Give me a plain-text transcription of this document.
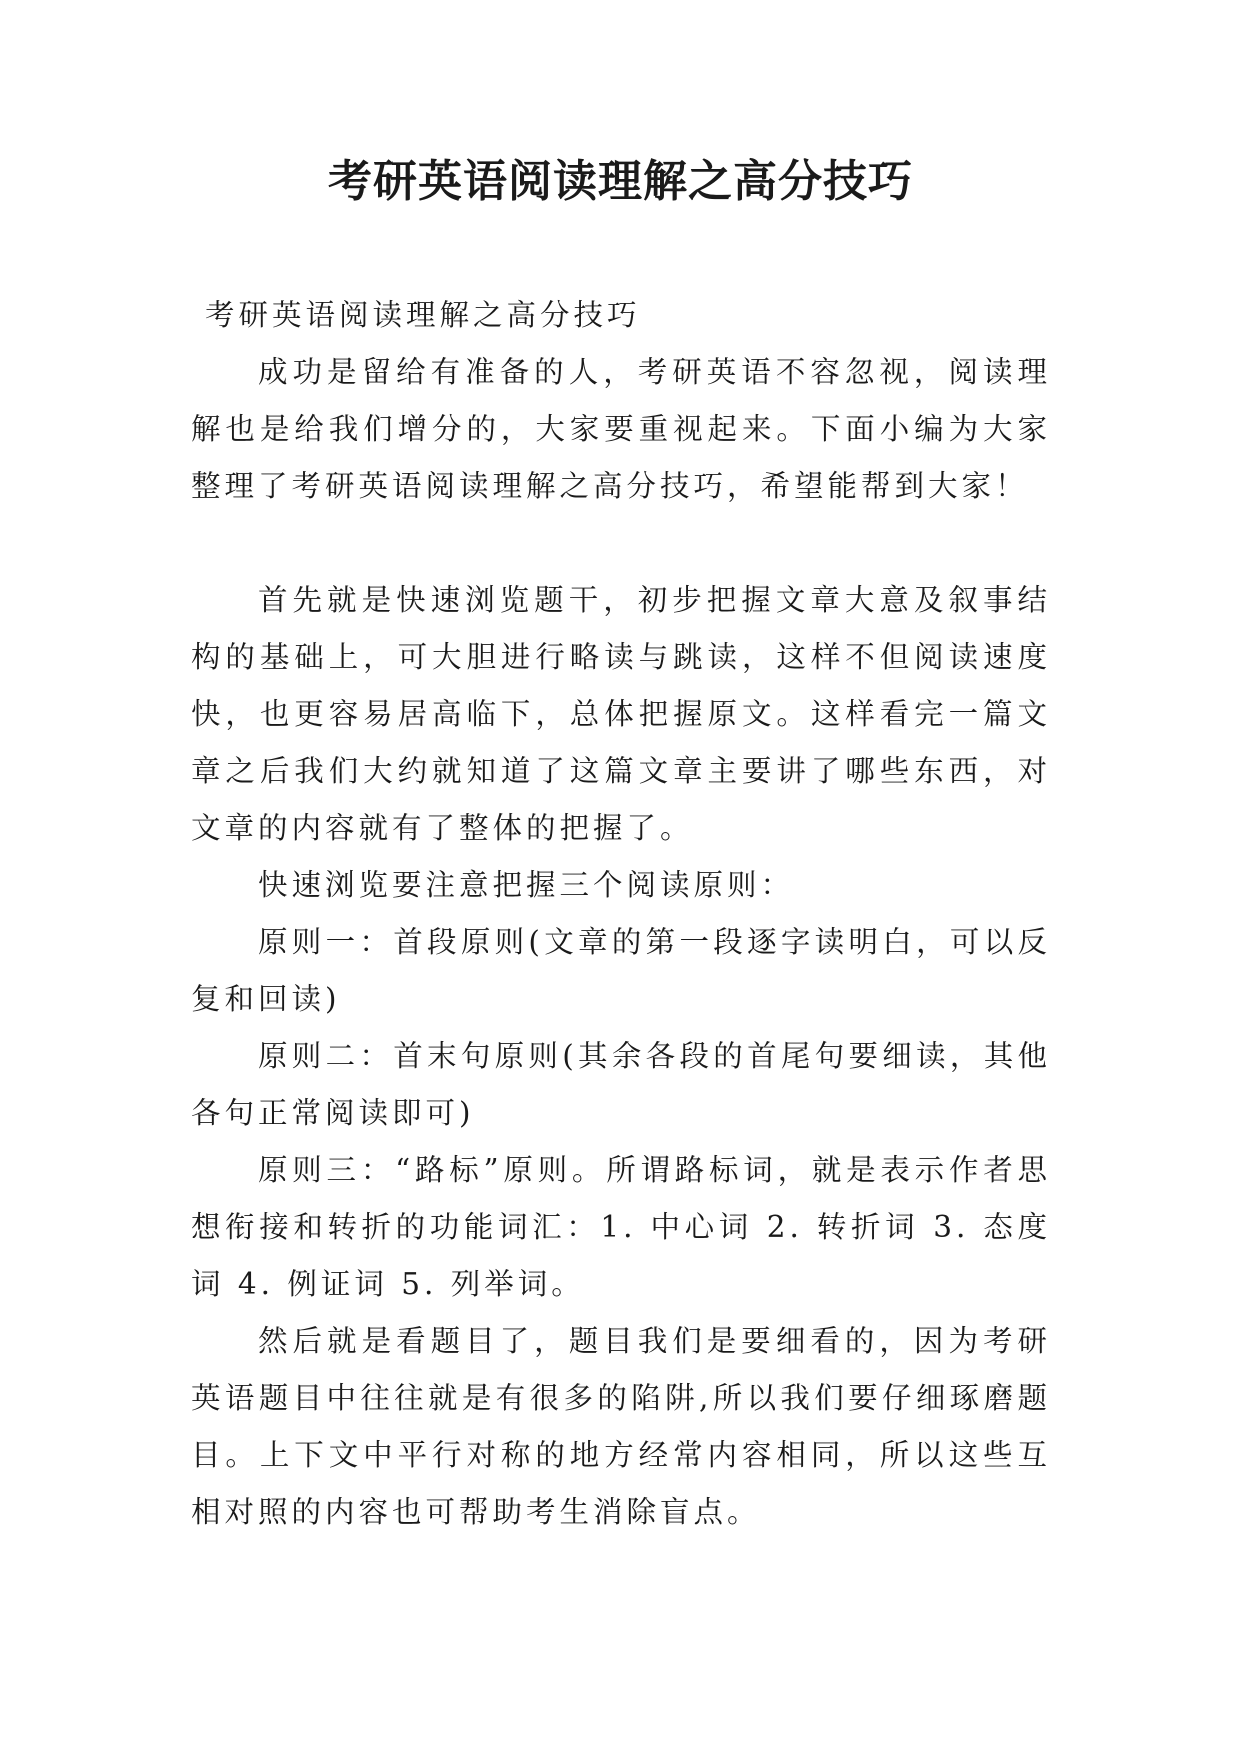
考研英语阅读理解之高分技巧

考研英语阅读理解之高分技巧

成功是留给有准备的人，考研英语不容忽视，阅读理解也是给我们增分的，大家要重视起来。下面小编为大家整理了考研英语阅读理解之高分技巧，希望能帮到大家！

首先就是快速浏览题干，初步把握文章大意及叙事结构的基础上，可大胆进行略读与跳读，这样不但阅读速度快，也更容易居高临下，总体把握原文。这样看完一篇文章之后我们大约就知道了这篇文章主要讲了哪些东西，对文章的内容就有了整体的把握了。

快速浏览要注意把握三个阅读原则：

原则一：首段原则(文章的第一段逐字读明白，可以反复和回读)

原则二：首末句原则(其余各段的首尾句要细读，其他各句正常阅读即可)

原则三：“路标”原则。所谓路标词，就是表示作者思想衔接和转折的功能词汇：1. 中心词 2. 转折词 3. 态度词 4. 例证词 5. 列举词。

然后就是看题目了，题目我们是要细看的，因为考研英语题目中往往就是有很多的陷阱,所以我们要仔细琢磨题目。上下文中平行对称的地方经常内容相同，所以这些互相对照的内容也可帮助考生消除盲点。
